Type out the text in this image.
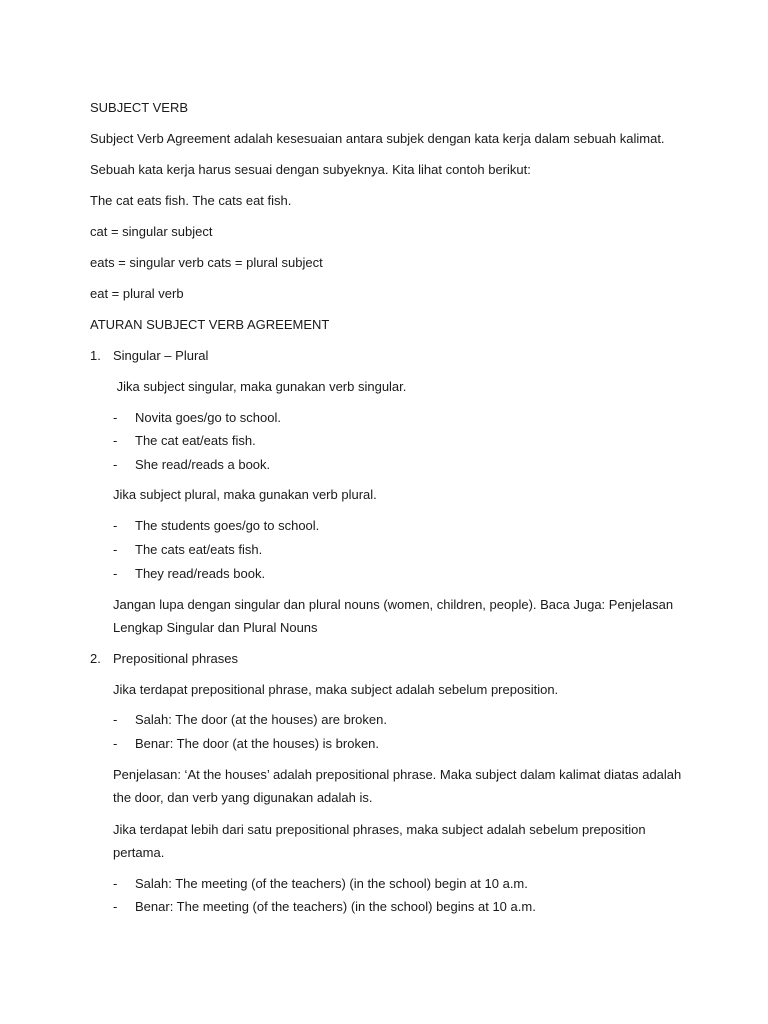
SUBJECT VERB
Subject Verb Agreement adalah kesesuaian antara subjek dengan kata kerja dalam sebuah kalimat.
Sebuah kata kerja harus sesuai dengan subyeknya. Kita lihat contoh berikut:
The cat eats fish. The cats eat fish.
cat = singular subject
eats = singular verb cats = plural subject
eat = plural verb
ATURAN SUBJECT VERB AGREEMENT
1. Singular – Plural
Jika subject singular, maka gunakan verb singular.
- Novita goes/go to school.
- The cat eat/eats fish.
- She read/reads a book.
Jika subject plural, maka gunakan verb plural.
- The students goes/go to school.
- The cats eat/eats fish.
- They read/reads book.
Jangan lupa dengan singular dan plural nouns (women, children, people). Baca Juga: Penjelasan
Lengkap Singular dan Plural Nouns
2. Prepositional phrases
Jika terdapat prepositional phrase, maka subject adalah sebelum preposition.
- Salah: The door (at the houses) are broken.
- Benar: The door (at the houses) is broken.
Penjelasan: ‘At the houses’ adalah prepositional phrase. Maka subject dalam kalimat diatas adalah
the door, dan verb yang digunakan adalah is.
Jika terdapat lebih dari satu prepositional phrases, maka subject adalah sebelum preposition
pertama.
- Salah: The meeting (of the teachers) (in the school) begin at 10 a.m.
- Benar: The meeting (of the teachers) (in the school) begins at 10 a.m.
